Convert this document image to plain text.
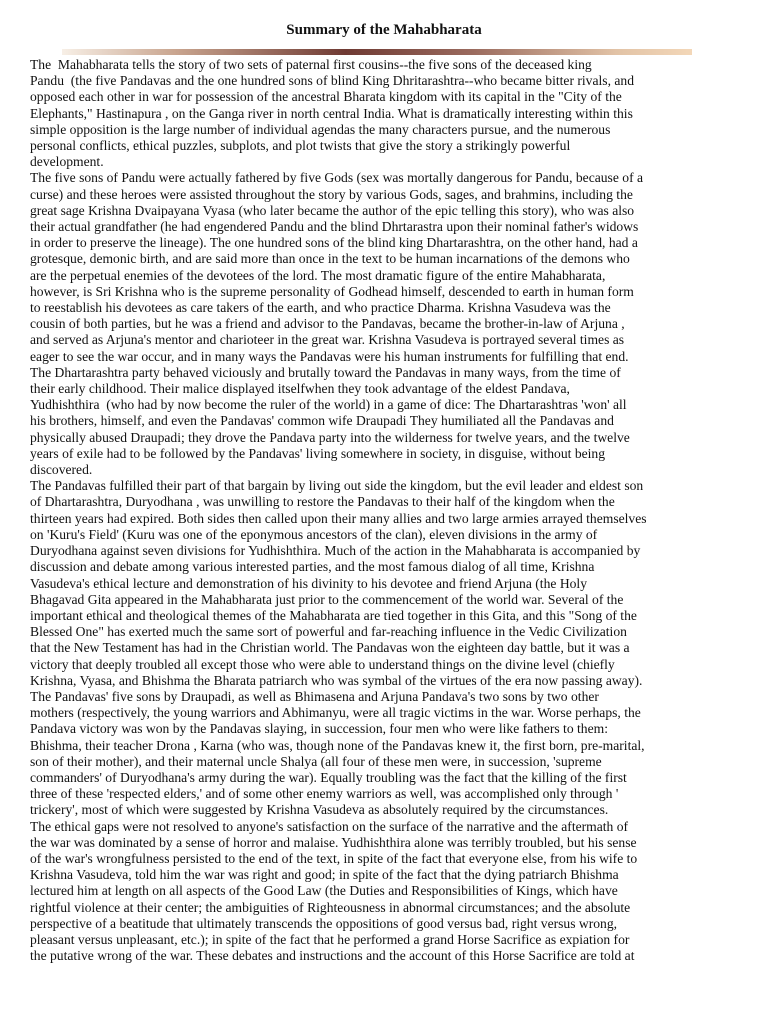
Summary of the Mahabharata

The  Mahabharata tells the story of two sets of paternal first cousins--the five sons of the deceased king
Pandu  (the five Pandavas and the one hundred sons of blind King Dhritarashtra--who became bitter rivals, and
opposed each other in war for possession of the ancestral Bharata kingdom with its capital in the "City of the
Elephants," Hastinapura , on the Ganga river in north central India. What is dramatically interesting within this
simple opposition is the large number of individual agendas the many characters pursue, and the numerous
personal conflicts, ethical puzzles, subplots, and plot twists that give the story a strikingly powerful
development.

The five sons of Pandu were actually fathered by five Gods (sex was mortally dangerous for Pandu, because of a
curse) and these heroes were assisted throughout the story by various Gods, sages, and brahmins, including the
great sage Krishna Dvaipayana Vyasa (who later became the author of the epic telling this story), who was also
their actual grandfather (he had engendered Pandu and the blind Dhrtarastra upon their nominal father's widows
in order to preserve the lineage). The one hundred sons of the blind king Dhartarashtra, on the other hand, had a
grotesque, demonic birth, and are said more than once in the text to be human incarnations of the demons who
are the perpetual enemies of the devotees of the lord. The most dramatic figure of the entire Mahabharata,
however, is Sri Krishna who is the supreme personality of Godhead himself, descended to earth in human form
to reestablish his devotees as care takers of the earth, and who practice Dharma. Krishna Vasudeva was the
cousin of both parties, but he was a friend and advisor to the Pandavas, became the brother-in-law of Arjuna ,
and served as Arjuna's mentor and charioteer in the great war. Krishna Vasudeva is portrayed several times as
eager to see the war occur, and in many ways the Pandavas were his human instruments for fulfilling that end.

The Dhartarashtra party behaved viciously and brutally toward the Pandavas in many ways, from the time of
their early childhood. Their malice displayed itselfwhen they took advantage of the eldest Pandava,
Yudhishthira  (who had by now become the ruler of the world) in a game of dice: The Dhartarashtras 'won' all
his brothers, himself, and even the Pandavas' common wife Draupadi They humiliated all the Pandavas and
physically abused Draupadi; they drove the Pandava party into the wilderness for twelve years, and the twelve
years of exile had to be followed by the Pandavas' living somewhere in society, in disguise, without being
discovered.

The Pandavas fulfilled their part of that bargain by living out side the kingdom, but the evil leader and eldest son
of Dhartarashtra, Duryodhana , was unwilling to restore the Pandavas to their half of the kingdom when the
thirteen years had expired. Both sides then called upon their many allies and two large armies arrayed themselves
on 'Kuru's Field' (Kuru was one of the eponymous ancestors of the clan), eleven divisions in the army of
Duryodhana against seven divisions for Yudhishthira. Much of the action in the Mahabharata is accompanied by
discussion and debate among various interested parties, and the most famous dialog of all time, Krishna
Vasudeva's ethical lecture and demonstration of his divinity to his devotee and friend Arjuna (the Holy
Bhagavad Gita appeared in the Mahabharata just prior to the commencement of the world war. Several of the
important ethical and theological themes of the Mahabharata are tied together in this Gita, and this "Song of the
Blessed One" has exerted much the same sort of powerful and far-reaching influence in the Vedic Civilization
that the New Testament has had in the Christian world. The Pandavas won the eighteen day battle, but it was a
victory that deeply troubled all except those who were able to understand things on the divine level (chiefly
Krishna, Vyasa, and Bhishma the Bharata patriarch who was symbal of the virtues of the era now passing away).

The Pandavas' five sons by Draupadi, as well as Bhimasena and Arjuna Pandava's two sons by two other
mothers (respectively, the young warriors and Abhimanyu, were all tragic victims in the war. Worse perhaps, the
Pandava victory was won by the Pandavas slaying, in succession, four men who were like fathers to them:
Bhishma, their teacher Drona , Karna (who was, though none of the Pandavas knew it, the first born, pre-marital,
son of their mother), and their maternal uncle Shalya (all four of these men were, in succession, 'supreme
commanders' of Duryodhana's army during the war). Equally troubling was the fact that the killing of the first
three of these 'respected elders,' and of some other enemy warriors as well, was accomplished only through '
trickery', most of which were suggested by Krishna Vasudeva as absolutely required by the circumstances.

The ethical gaps were not resolved to anyone's satisfaction on the surface of the narrative and the aftermath of
the war was dominated by a sense of horror and malaise. Yudhishthira alone was terribly troubled, but his sense
of the war's wrongfulness persisted to the end of the text, in spite of the fact that everyone else, from his wife to
Krishna Vasudeva, told him the war was right and good; in spite of the fact that the dying patriarch Bhishma
lectured him at length on all aspects of the Good Law (the Duties and Responsibilities of Kings, which have
rightful violence at their center; the ambiguities of Righteousness in abnormal circumstances; and the absolute
perspective of a beatitude that ultimately transcends the oppositions of good versus bad, right versus wrong,
pleasant versus unpleasant, etc.); in spite of the fact that he performed a grand Horse Sacrifice as expiation for
the putative wrong of the war. These debates and instructions and the account of this Horse Sacrifice are told at
